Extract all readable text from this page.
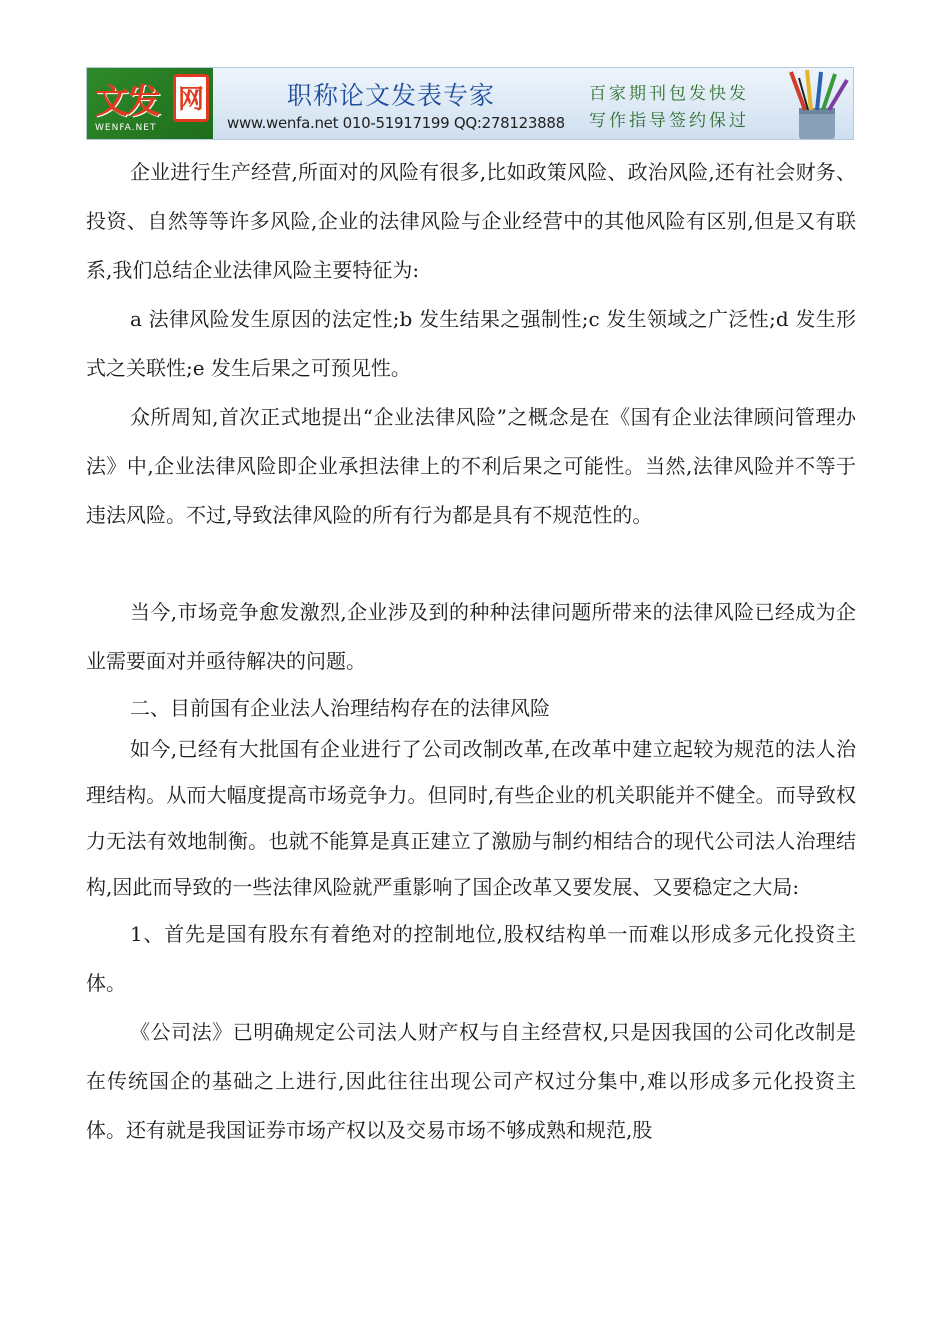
文发 网
WENFA.NET
职称论文发表专家
www.wenfa.net 010-51917199 QQ:278123888
百家期刊包发快发
写作指导签约保过

企业进行生产经营,所面对的风险有很多,比如政策风险、政治风险,还有社会财务、投资、自然等等许多风险,企业的法律风险与企业经营中的其他风险有区别,但是又有联系,我们总结企业法律风险主要特征为:

a 法律风险发生原因的法定性;b 发生结果之强制性;c 发生领域之广泛性;d 发生形式之关联性;e 发生后果之可预见性。

众所周知,首次正式地提出“企业法律风险”之概念是在《国有企业法律顾问管理办法》中,企业法律风险即企业承担法律上的不利后果之可能性。当然,法律风险并不等于违法风险。不过,导致法律风险的所有行为都是具有不规范性的。

当今,市场竞争愈发激烈,企业涉及到的种种法律问题所带来的法律风险已经成为企业需要面对并亟待解决的问题。

二、目前国有企业法人治理结构存在的法律风险

如今,已经有大批国有企业进行了公司改制改革,在改革中建立起较为规范的法人治理结构。从而大幅度提高市场竞争力。但同时,有些企业的机关职能并不健全。而导致权力无法有效地制衡。也就不能算是真正建立了激励与制约相结合的现代公司法人治理结构,因此而导致的一些法律风险就严重影响了国企改革又要发展、又要稳定之大局:

1、首先是国有股东有着绝对的控制地位,股权结构单一而难以形成多元化投资主体。

《公司法》已明确规定公司法人财产权与自主经营权,只是因我国的公司化改制是在传统国企的基础之上进行,因此往往出现公司产权过分集中,难以形成多元化投资主体。还有就是我国证券市场产权以及交易市场不够成熟和规范,股
